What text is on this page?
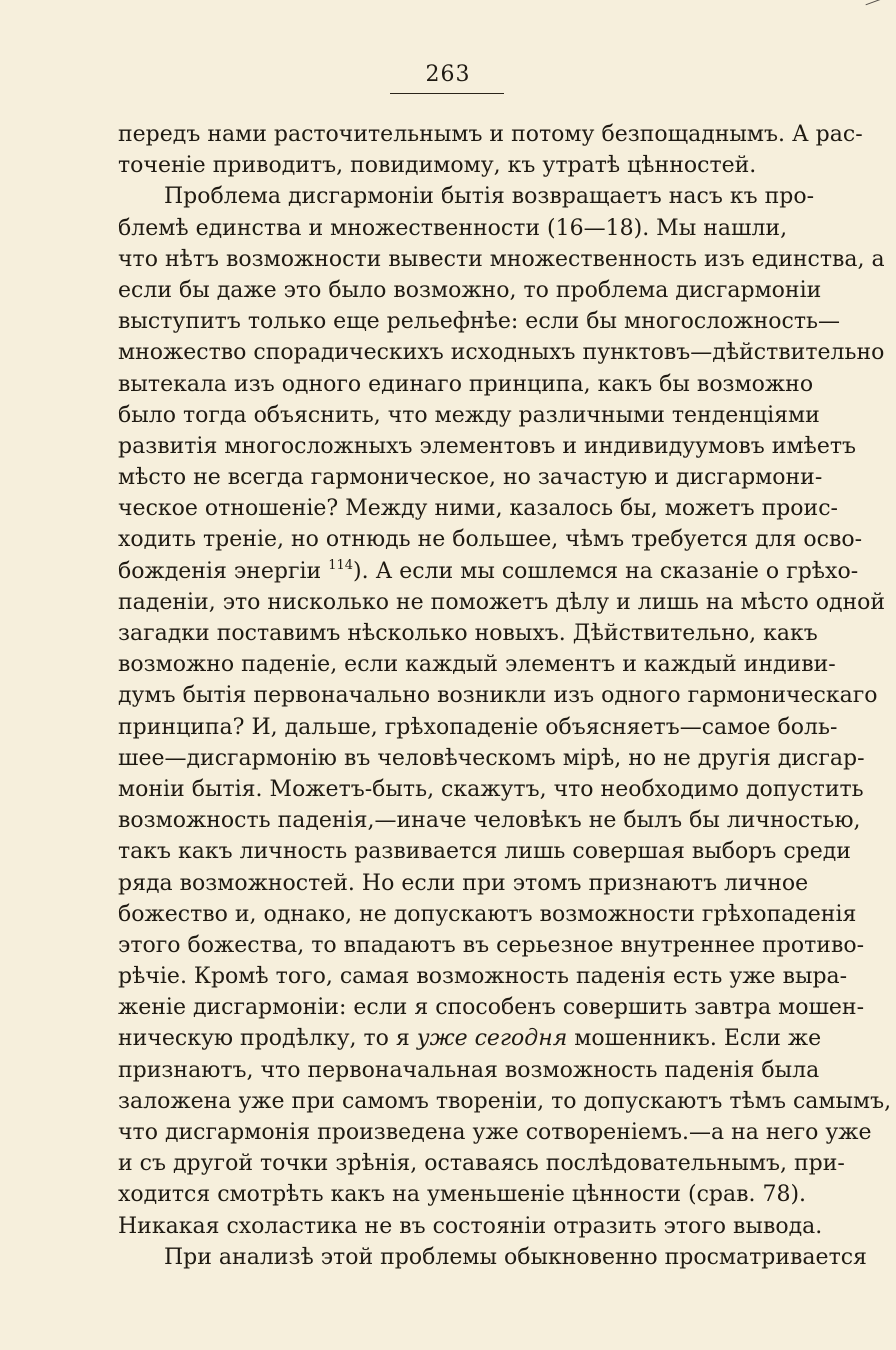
263
передъ нами расточительнымъ и потому безпощаднымъ. А рас-
точеніе приводитъ, повидимому, къ утратѣ цѣнностей.
Проблема дисгармоніи бытія возвращаетъ насъ къ про-
блемѣ единства и множественности (16—18). Мы нашли,
что нѣтъ возможности вывести множественность изъ единства, а
если бы даже это было возможно, то проблема дисгармоніи
выступитъ только еще рельефнѣе: если бы многосложность—
множество спорадическихъ исходныхъ пунктовъ—дѣйствительно
вытекала изъ одного единаго принципа, какъ бы возможно
было тогда объяснить, что между различными тенденціями
развитія многосложныхъ элементовъ и индивидуумовъ имѣетъ
мѣсто не всегда гармоническое, но зачастую и дисгармони-
ческое отношеніе? Между ними, казалось бы, можетъ проис-
ходить треніе, но отнюдь не большее, чѣмъ требуется для осво-
божденія энергіи $^{114}$). А если мы сошлемся на сказаніе о грѣхо-
паденіи, это нисколько не поможетъ дѣлу и лишь на мѣсто одной
загадки поставимъ нѣсколько новыхъ. Дѣйствительно, какъ
возможно паденіе, если каждый элементъ и каждый индиви-
думъ бытія первоначально возникли изъ одного гармоническаго
принципа? И, дальше, грѣхопаденіе объясняетъ—самое боль-
шее—дисгармонію въ человѣческомъ мірѣ, но не другія дисгар-
моніи бытія. Можетъ-быть, скажутъ, что необходимо допустить
возможность паденія,—иначе человѣкъ не былъ бы личностью,
такъ какъ личность развивается лишь совершая выборъ среди
ряда возможностей. Но если при этомъ признаютъ личное
божество и, однако, не допускаютъ возможности грѣхопаденія
этого божества, то впадаютъ въ серьезное внутреннее противо-
рѣчіе. Кромѣ того, самая возможность паденія есть уже выра-
женіе дисгармоніи: если я способенъ совершить завтра мошен-
ническую продѣлку, то я уже сегодня мошенникъ. Если же
признаютъ, что первоначальная возможность паденія была
заложена уже при самомъ твореніи, то допускаютъ тѣмъ самымъ,
что дисгармонія произведена уже сотвореніемъ.—а на него уже
и съ другой точки зрѣнія, оставаясь послѣдовательнымъ, при-
ходится смотрѣть какъ на уменьшеніе цѣнности (срав. 78).
Никакая схоластика не въ состояніи отразить этого вывода.
При анализѣ этой проблемы обыкновенно просматривается
